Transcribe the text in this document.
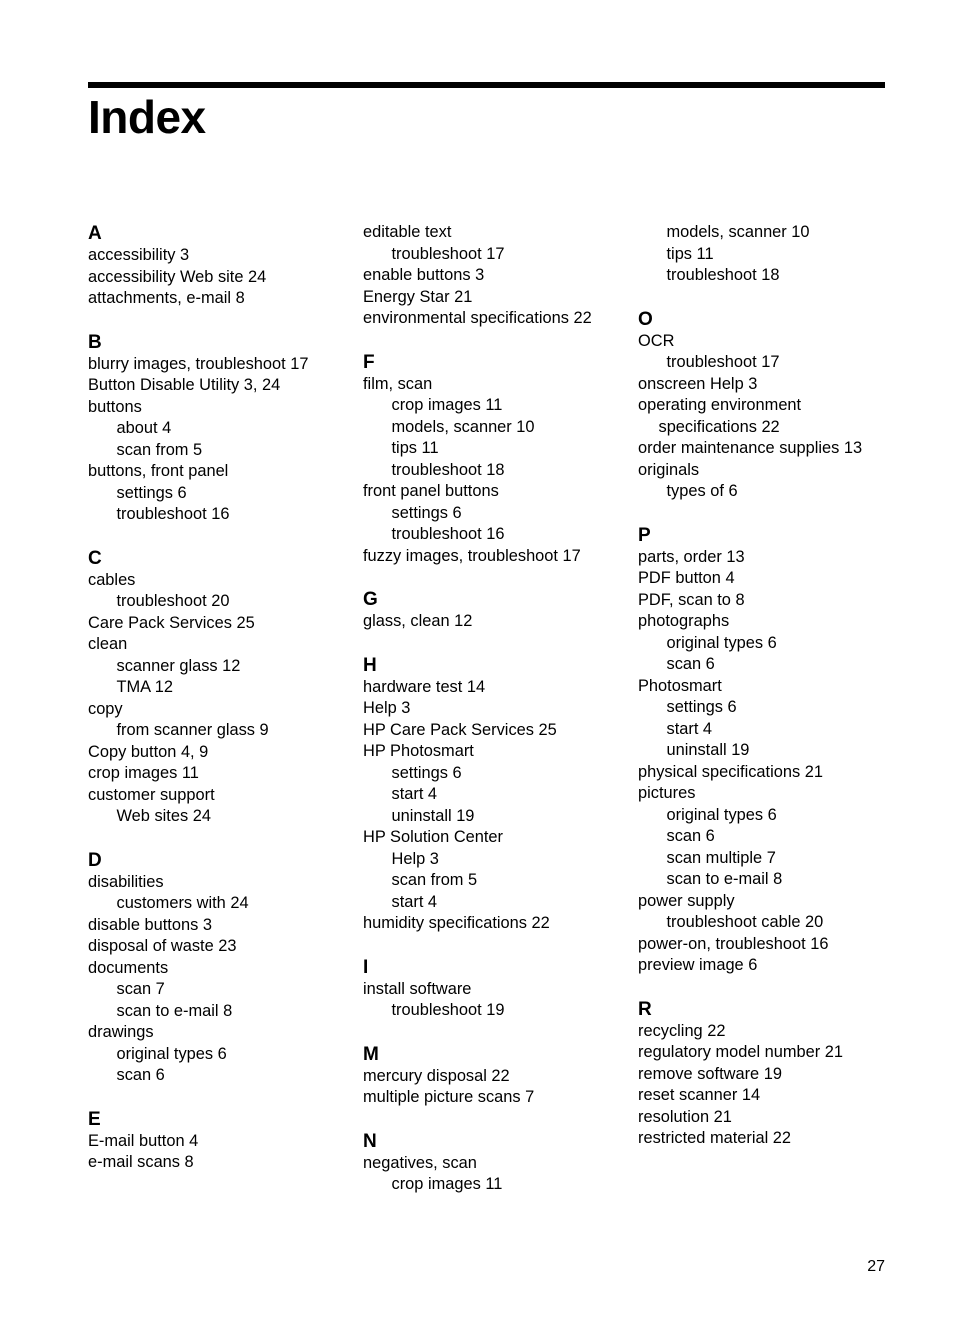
Index
A
accessibility 3
accessibility Web site 24
attachments, e-mail 8
B
blurry images, troubleshoot 17
Button Disable Utility 3, 24
buttons
about 4
scan from 5
buttons, front panel
settings 6
troubleshoot 16
C
cables
troubleshoot 20
Care Pack Services 25
clean
scanner glass 12
TMA 12
copy
from scanner glass 9
Copy button 4, 9
crop images 11
customer support
Web sites 24
D
disabilities
customers with 24
disable buttons 3
disposal of waste 23
documents
scan 7
scan to e-mail 8
drawings
original types 6
scan 6
E
E-mail button 4
e-mail scans 8
editable text
troubleshoot 17
enable buttons 3
Energy Star 21
environmental specifications 22
F
film, scan
crop images 11
models, scanner 10
tips 11
troubleshoot 18
front panel buttons
settings 6
troubleshoot 16
fuzzy images, troubleshoot 17
G
glass, clean 12
H
hardware test 14
Help 3
HP Care Pack Services 25
HP Photosmart
settings 6
start 4
uninstall 19
HP Solution Center
Help 3
scan from 5
start 4
humidity specifications 22
I
install software
troubleshoot 19
M
mercury disposal 22
multiple picture scans 7
N
negatives, scan
crop images 11
models, scanner 10
tips 11
troubleshoot 18
O
OCR
troubleshoot 17
onscreen Help 3
operating environment
specifications 22
order maintenance supplies 13
originals
types of 6
P
parts, order 13
PDF button 4
PDF, scan to 8
photographs
original types 6
scan 6
Photosmart
settings 6
start 4
uninstall 19
physical specifications 21
pictures
original types 6
scan 6
scan multiple 7
scan to e-mail 8
power supply
troubleshoot cable 20
power-on, troubleshoot 16
preview image 6
R
recycling 22
regulatory model number 21
remove software 19
reset scanner 14
resolution 21
restricted material 22
27
